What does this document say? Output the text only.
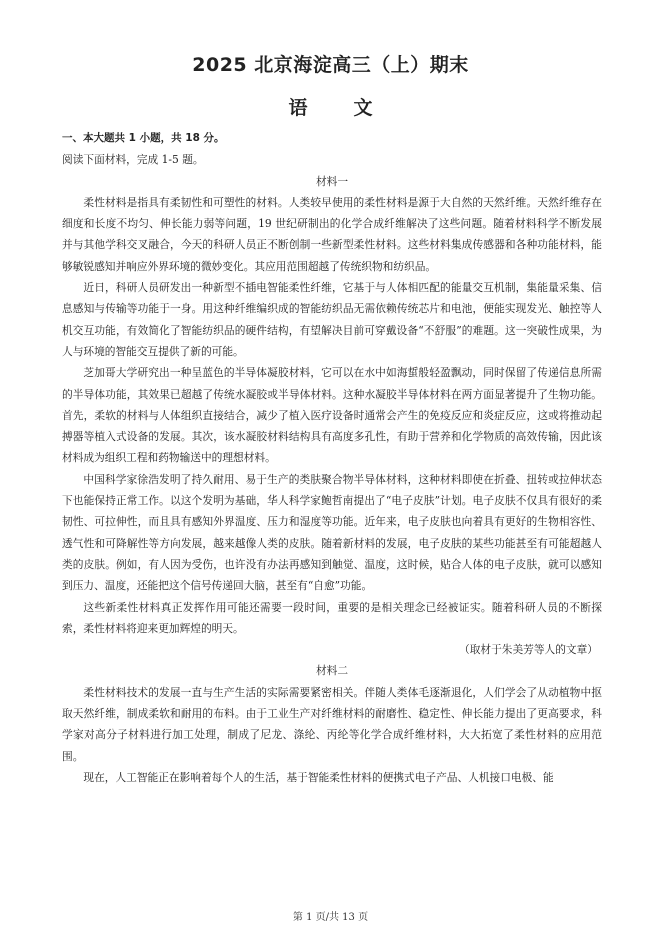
2025 北京海淀高三（上）期末
语 文

一、本大题共 1 小题，共 18 分。

阅读下面材料，完成 1-5 题。

材料一

柔性材料是指具有柔韧性和可塑性的材料。人类较早使用的柔性材料是源于大自然的天然纤维。天然纤维存在细度和长度不均匀、伸长能力弱等问题，19 世纪研制出的化学合成纤维解决了这些问题。随着材料科学不断发展并与其他学科交叉融合，今天的科研人员正不断创制一些新型柔性材料。这些材料集成传感器和各种功能材料，能够敏锐感知并响应外界环境的微妙变化。其应用范围超越了传统织物和纺织品。

近日，科研人员研发出一种新型不插电智能柔性纤维，它基于与人体相匹配的能量交互机制，集能量采集、信息感知与传输等功能于一身。用这种纤维编织成的智能纺织品无需依赖传统芯片和电池，便能实现发光、触控等人机交互功能，有效简化了智能纺织品的硬件结构，有望解决目前可穿戴设备“不舒服”的难题。这一突破性成果，为人与环境的智能交互提供了新的可能。

芝加哥大学研究出一种呈蓝色的半导体凝胶材料，它可以在水中如海蜇般轻盈飘动，同时保留了传递信息所需的半导体功能，其效果已超越了传统水凝胶或半导体材料。这种水凝胶半导体材料在两方面显著提升了生物功能。首先，柔软的材料与人体组织直接结合，减少了植入医疗设备时通常会产生的免疫反应和炎症反应，这或将推动起搏器等植入式设备的发展。其次，该水凝胶材料结构具有高度多孔性，有助于营养和化学物质的高效传输，因此该材料成为组织工程和药物输送中的理想材料。

中国科学家徐浩发明了持久耐用、易于生产的类肤聚合物半导体材料，这种材料即使在折叠、扭转或拉伸状态下也能保持正常工作。以这个发明为基础，华人科学家鲍哲南提出了“电子皮肤”计划。电子皮肤不仅具有很好的柔韧性、可拉伸性，而且具有感知外界温度、压力和湿度等功能。近年来，电子皮肤也向着具有更好的生物相容性、透气性和可降解性等方向发展，越来越像人类的皮肤。随着新材料的发展，电子皮肤的某些功能甚至有可能超越人类的皮肤。例如，有人因为受伤，也许没有办法再感知到触觉、温度，这时候，贴合人体的电子皮肤，就可以感知到压力、温度，还能把这个信号传递回大脑，甚至有“自愈”功能。

这些新柔性材料真正发挥作用可能还需要一段时间，重要的是相关理念已经被证实。随着科研人员的不断探索，柔性材料将迎来更加辉煌的明天。

（取材于朱美芳等人的文章）

材料二

柔性材料技术的发展一直与生产生活的实际需要紧密相关。伴随人类体毛逐渐退化，人们学会了从动植物中抠取天然纤维，制成柔软和耐用的布料。由于工业生产对纤维材料的耐磨性、稳定性、伸长能力提出了更高要求，科学家对高分子材料进行加工处理，制成了尼龙、涤纶、丙纶等化学合成纤维材料，大大拓宽了柔性材料的应用范围。

现在，人工智能正在影响着每个人的生活，基于智能柔性材料的便携式电子产品、人机接口电极、能

第 1 页/共 13 页
